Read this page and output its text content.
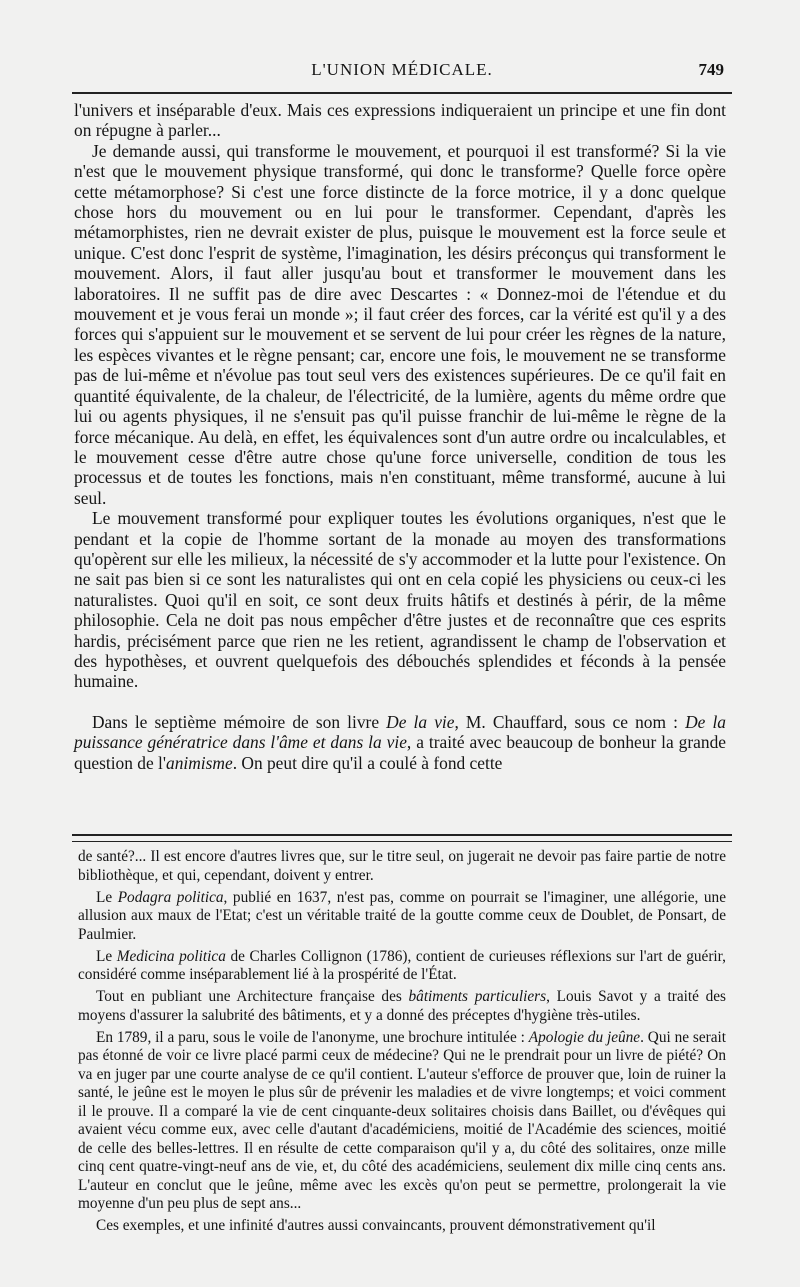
L'UNION MÉDICALE.	749

l'univers et inséparable d'eux. Mais ces expressions indiqueraient un principe et une fin dont on répugne à parler...

Je demande aussi, qui transforme le mouvement, et pourquoi il est transformé? Si la vie n'est que le mouvement physique transformé, qui donc le transforme? Quelle force opère cette métamorphose? Si c'est une force distincte de la force motrice, il y a donc quelque chose hors du mouvement ou en lui pour le transformer. Cependant, d'après les métamorphistes, rien ne devrait exister de plus, puisque le mouvement est la force seule et unique. C'est donc l'esprit de système, l'imagination, les désirs préconçus qui transforment le mouvement. Alors, il faut aller jusqu'au bout et transformer le mouvement dans les laboratoires. Il ne suffit pas de dire avec Descartes : « Donnez-moi de l'étendue et du mouvement et je vous ferai un monde »; il faut créer des forces, car la vérité est qu'il y a des forces qui s'appuient sur le mouvement et se servent de lui pour créer les règnes de la nature, les espèces vivantes et le règne pensant; car, encore une fois, le mouvement ne se transforme pas de lui-même et n'évolue pas tout seul vers des existences supérieures. De ce qu'il fait en quantité équivalente, de la chaleur, de l'électricité, de la lumière, agents du même ordre que lui ou agents physiques, il ne s'ensuit pas qu'il puisse franchir de lui-même le règne de la force mécanique. Au delà, en effet, les équivalences sont d'un autre ordre ou incalculables, et le mouvement cesse d'être autre chose qu'une force universelle, condition de tous les processus et de toutes les fonctions, mais n'en constituant, même transformé, aucune à lui seul.

Le mouvement transformé pour expliquer toutes les évolutions organiques, n'est que le pendant et la copie de l'homme sortant de la monade au moyen des transformations qu'opèrent sur elle les milieux, la nécessité de s'y accommoder et la lutte pour l'existence. On ne sait pas bien si ce sont les naturalistes qui ont en cela copié les physiciens ou ceux-ci les naturalistes. Quoi qu'il en soit, ce sont deux fruits hâtifs et destinés à périr, de la même philosophie. Cela ne doit pas nous empêcher d'être justes et de reconnaître que ces esprits hardis, précisément parce que rien ne les retient, agrandissent le champ de l'observation et des hypothèses, et ouvrent quelquefois des débouchés splendides et féconds à la pensée humaine.

Dans le septième mémoire de son livre De la vie, M. Chauffard, sous ce nom : De la puissance génératrice dans l'âme et dans la vie, a traité avec beaucoup de bonheur la grande question de l'animisme. On peut dire qu'il a coulé à fond cette

de santé?... Il est encore d'autres livres que, sur le titre seul, on jugerait ne devoir pas faire partie de notre bibliothèque, et qui, cependant, doivent y entrer.

Le Podagra politica, publié en 1637, n'est pas, comme on pourrait se l'imaginer, une allégorie, une allusion aux maux de l'Etat; c'est un véritable traité de la goutte comme ceux de Doublet, de Ponsart, de Paulmier.

Le Medicina politica de Charles Collignon (1786), contient de curieuses réflexions sur l'art de guérir, considéré comme inséparablement lié à la prospérité de l'État.

Tout en publiant une Architecture française des bâtiments particuliers, Louis Savot y a traité des moyens d'assurer la salubrité des bâtiments, et y a donné des préceptes d'hygiène très-utiles.

En 1789, il a paru, sous le voile de l'anonyme, une brochure intitulée : Apologie du jeûne. Qui ne serait pas étonné de voir ce livre placé parmi ceux de médecine? Qui ne le prendrait pour un livre de piété? On va en juger par une courte analyse de ce qu'il contient. L'auteur s'efforce de prouver que, loin de ruiner la santé, le jeûne est le moyen le plus sûr de prévenir les maladies et de vivre longtemps; et voici comment il le prouve. Il a comparé la vie de cent cinquante-deux solitaires choisis dans Baillet, ou d'évêques qui avaient vécu comme eux, avec celle d'autant d'académiciens, moitié de l'Académie des sciences, moitié de celle des belles-lettres. Il en résulte de cette comparaison qu'il y a, du côté des solitaires, onze mille cinq cent quatre-vingt-neuf ans de vie, et, du côté des académiciens, seulement dix mille cinq cents ans. L'auteur en conclut que le jeûne, même avec les excès qu'on peut se permettre, prolongerait la vie moyenne d'un peu plus de sept ans...

Ces exemples, et une infinité d'autres aussi convaincants, prouvent démonstrativement qu'il
